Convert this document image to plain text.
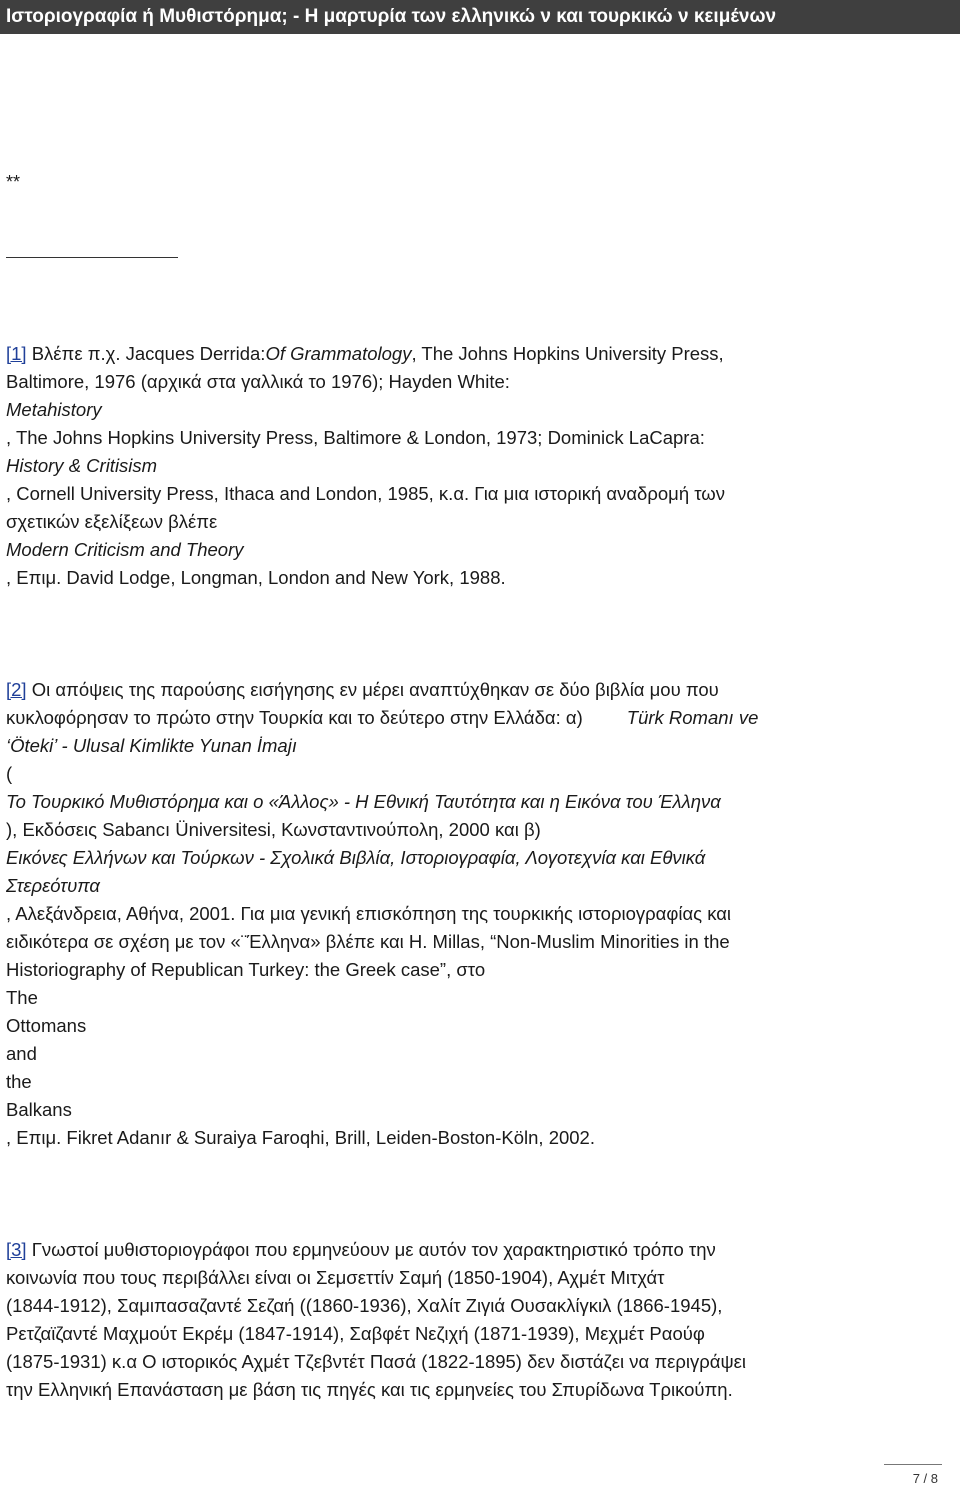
Ιστοριογραφία ή Μυθιστόρημα; - Η μαρτυρία των ελληνικώ ν και τουρκικώ ν κειμένων
**
[1] Βλέπε π.χ. Jacques Derrida:Of Grammatology, The Johns Hopkins University Press,
Baltimore, 1976 (αρχικά στα γαλλικά το 1976); Hayden White:
Metahistory
, The Johns Hopkins University Press, Baltimore & London, 1973; Dominick LaCapra:
History & Critisism
, Cornell University Press, Ithaca and London, 1985, κ.α. Για μια ιστορική αναδρομή των
σχετικών εξελίξεων βλέπε
Modern Criticism and Theory
, Επιμ. David Lodge, Longman, London and New York, 1988.
[2] Οι απόψεις της παρούσης εισήγησης εν μέρει αναπτύχθηκαν σε δύο βιβλία μου που
κυκλοφόρησαν το πρώτο στην Τουρκία και το δεύτερο στην Ελλάδα: α) Türk Romanı ve
‘Öteki’ - Ulusal Kimlikte Yunan İmajı
(
Το Τουρκικό Μυθιστόρημα και ο «Άλλος» - Η Εθνική Ταυτότητα και η Εικόνα του Έλληνα
), Εκδόσεις Sabancı Üniversitesi, Κωνσταντινούπολη, 2000 και β)
Εικόνες Ελλήνων και Τούρκων - Σχολικά Βιβλία, Ιστοριογραφία, Λογοτεχνία και Εθνικά
Στερεότυπα
, Αλεξάνδρεια, Αθήνα, 2001. Για μια γενική επισκόπηση της τουρκικής ιστοριογραφίας και
ειδικότερα σε σχέση με τον «¨Έλληνα» βλέπε και H. Millas, “Non-Muslim Minorities in the
Historiography of Republican Turkey: the Greek case”, στο
The
Ottomans
and
the
Balkans
, Επιμ. Fikret Adanır & Suraiya Faroqhi, Brill, Leiden-Boston-Köln, 2002.
[3] Γνωστοί μυθιστοριογράφοι που ερμηνεύουν με αυτόν τον χαρακτηριστικό τρόπο την
κοινωνία που τους περιβάλλει είναι οι Σεμσεττίν Σαμή (1850-1904), Αχμέτ Μιτχάτ
(1844-1912), Σαμιπασαζαντέ Σεζαή ((1860-1936), Χαλίτ Ζιγιά Ουσακλίγκιλ (1866-1945),
Ρετζαϊζαντέ Μαχμούτ Εκρέμ (1847-1914), Σαβφέτ Νεζιχή (1871-1939), Μεχμέτ Ραούφ
(1875-1931) κ.α Ο ιστορικός Αχμέτ Τζεβντέτ Πασά (1822-1895) δεν διστάζει να περιγράψει
την Ελληνική Επανάσταση με βάση τις πηγές και τις ερμηνείες του Σπυρίδωνα Τρικούπη.
7 / 8
